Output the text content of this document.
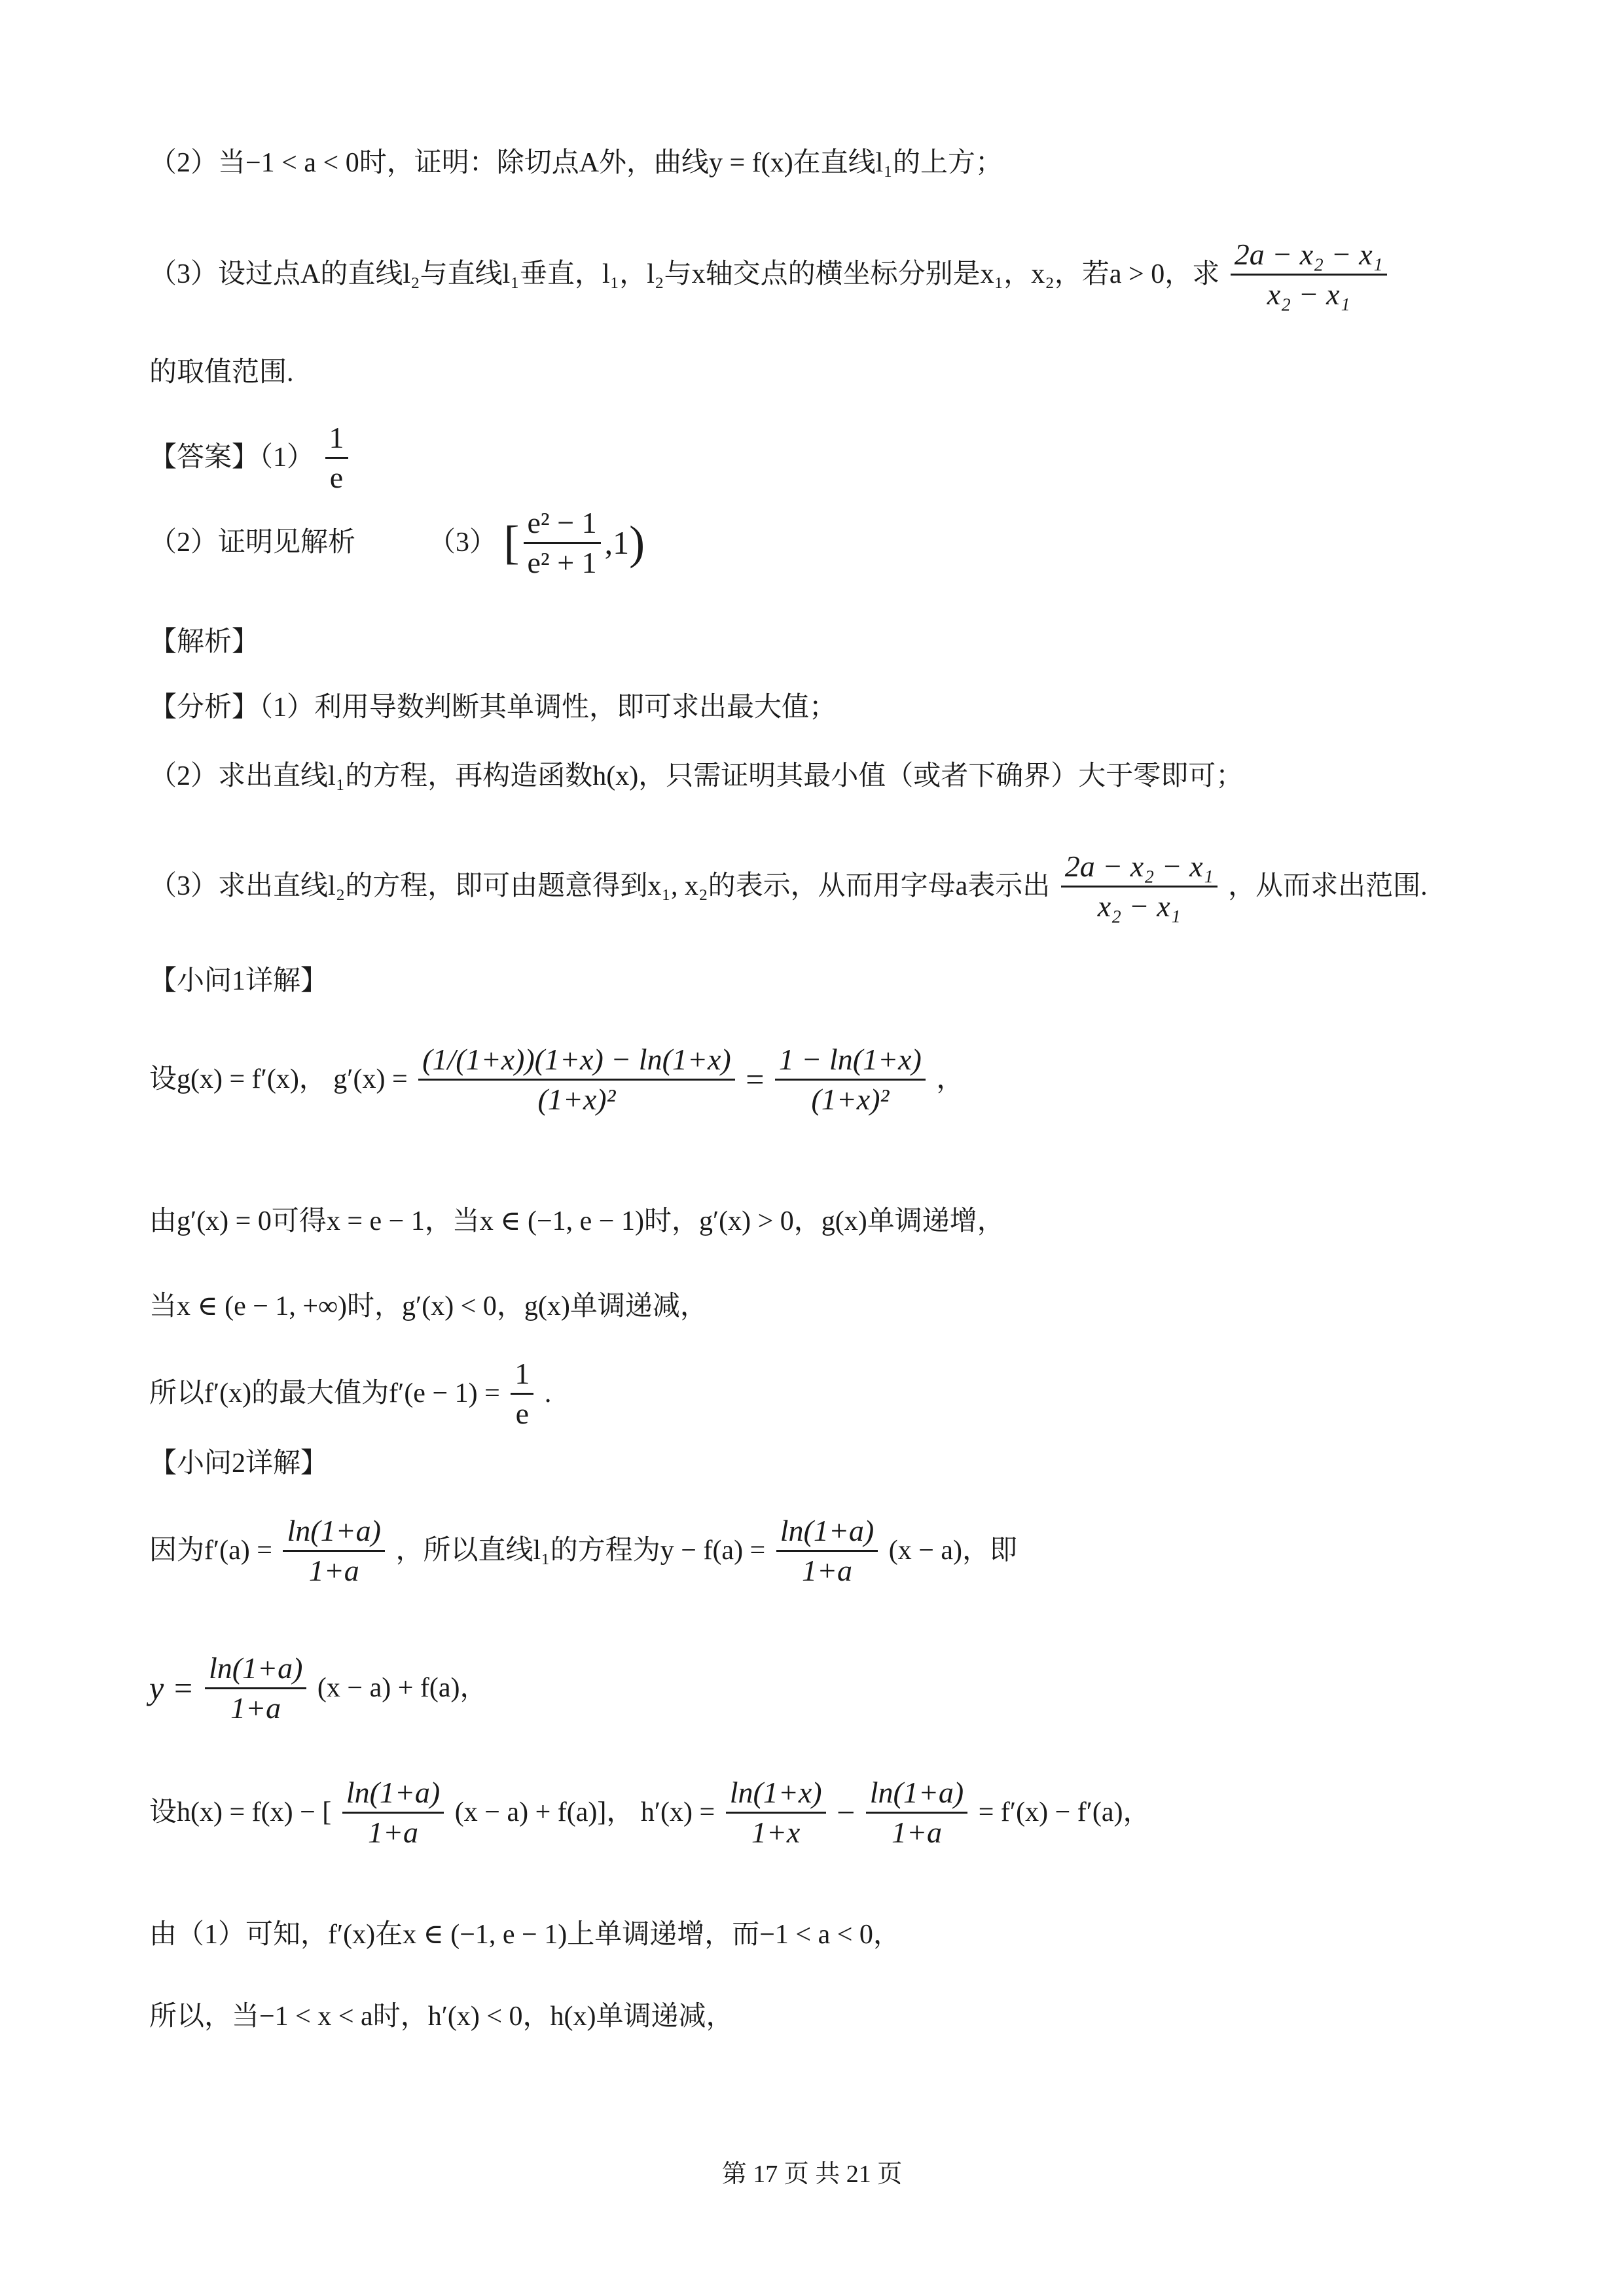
（2）当−1 < a < 0时，证明：除切点A外，曲线y = f(x)在直线l₁的上方；
（3）设过点A的直线l₂与直线l₁垂直，l₁，l₂与x轴交点的横坐标分别是x₁，x₂，若a > 0，求 $\frac{\text{2a − x₂ − x₁}}{\text{x₂ − x₁}}$
的取值范围.
【答案】$(1) \frac{1}{e}$
（2）证明见解析	（3） [ $\frac{\text{e² − 1}}{\text{e² + 1}} ,1$)
【解析】
【分析】（1）利用导数判断其单调性，即可求出最大值；
（2）求出直线l₁的方程，再构造函数h(x)，只需证明其最小值（或者下确界）大于零即可；
（3）求出直线l₂的方程，即可由题意得到x₁, x₂的表示，从而用字母a表示出 $\frac{\text{2a − x₂ − x₁}}{\text{x₂ − x₁}}$ ，从而求出范围.
【小问1详解】
设g(x) = f′(x)， $g'(x) = \frac{(1/(1+x))(1+x) - \ln(1+x)}{\text{(1+x)²}} = \frac{1 - \ln(1+x)}{\text{(1+x)²}}$ ，
由g′(x) = 0可得x = e − 1，当x ∈ (−1, e − 1)时，g′(x) > 0，g(x)单调递增，
当x ∈ (e − 1, +∞)时，g′(x) < 0，g(x)单调递减，
所以f′(x)的最大值为$f'(e - 1) = \frac{1}{e}$ .
【小问2详解】
因为$f'(a) = \frac{\ln(1+a)}{1+a}$ ，所以直线l₁的方程为$y - f(a) = \frac{\ln(1+a)}{1+a} (x - a)$，即
$y = \frac{\ln(1+a)}{1+a} (x - a) + f(a)$，
设h(x) = f(x) − [ $\frac{\ln(1+a)}{1+a} (x - a) + f(a)$]， $h'(x) = \frac{\ln(1+x)}{1+x} - \frac{\ln(1+a)}{1+a} = f'(x) - f'(a)$，
由（1）可知，f′(x)在x ∈ (−1, e − 1)上单调递增，而−1 < a < 0，
所以，当−1 < x < a时，h′(x) < 0，h(x)单调递减，
第 17 页 共 21 页
